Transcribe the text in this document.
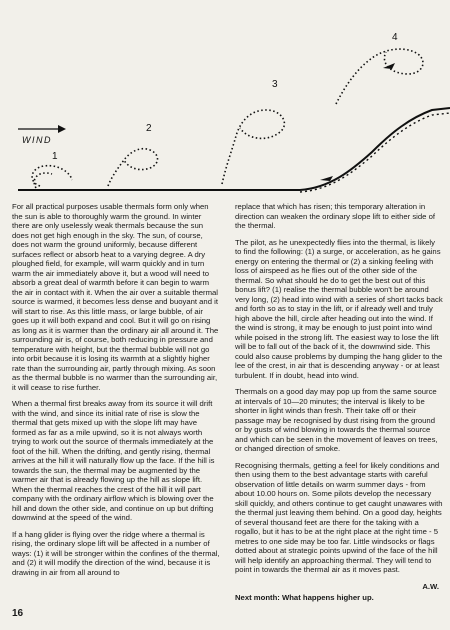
WIND
1
2
3
4

For all practical purposes usable thermals form only when the sun is able to thoroughly warm the ground. In winter there are only uselessly weak thermals because the sun does not get high enough in the sky. The sun, of course, does not warm the ground uniformly, because different surfaces reflect or absorb heat to a varying degree. A dry ploughed field, for example, will warm quickly and in turn warm the air immediately above it, but a wood will need to absorb a great deal of warmth before it can begin to warm the air in contact with it. When the air over a suitable thermal source is warmed, it becomes less dense and buoyant and it will start to rise. As this little mass, or large bubble, of air goes up it will both expand and cool. But it will go on rising as long as it is warmer than the ordinary air all around it. The surrounding air is, of course, both reducing in pressure and temperature with height, but the thermal bubble will not go into orbit because it is losing its warmth at a slightly higher rate than the surrounding air, partly through mixing. As soon as the thermal bubble is no warmer than the surrounding air, it will cease to rise further.

When a thermal first breaks away from its source it will drift with the wind, and since its initial rate of rise is slow the thermal that gets mixed up with the slope lift may have formed as far as a mile upwind, so it is not always worth trying to work out the source of thermals immediately at the foot of the hill. When the drifting, and gently rising, thermal arrives at the hill it will naturally flow up the face. If the hill is towards the sun, the thermal may be augmented by the warmer air that is already flowing up the hill as slope lift. When the thermal reaches the crest of the hill it will part company with the ordinary airflow which is blowing over the hill and down the other side, and continue on up but drifting downwind at the speed of the wind.

If a hang glider is flying over the ridge where a thermal is rising, the ordinary slope lift will be affected in a number of ways: (1) it will be stronger within the confines of the thermal, and (2) it will modify the direction of the wind, because it is drawing in air from all around to

replace that which has risen; this temporary alteration in direction can weaken the ordinary slope lift to either side of the thermal.

The pilot, as he unexpectedly flies into the thermal, is likely to find the following: (1) a surge, or acceleration, as he gains energy on entering the thermal or (2) a sinking feeling with loss of airspeed as he flies out of the other side of the thermal. So what should he do to get the best out of this bonus lift? (1) realise the thermal bubble won't be around very long, (2) head into wind with a series of short tacks back and forth so as to stay in the lift, or if already well and truly high above the hill, circle after heading out into the wind. If the wind is strong, it may be enough to just point into wind while poised in the strong lift. The easiest way to lose the lift will be to fall out of the back of it, the downwind side. This could also cause problems by dumping the hang glider to the lee of the crest, in air that is descending anyway - or at least turbulent. If in doubt, head into wind.

Thermals on a good day may pop up from the same source at intervals of 10—20 minutes; the interval is likely to be shorter in light winds than fresh. Their take off or their passage may be recognised by dust rising from the ground or by gusts of wind blowing in towards the thermal source and which can be seen in the movement of leaves on trees, or changed direction of smoke.

Recognising thermals, getting a feel for likely conditions and then using them to the best advantage starts with careful observation of little details on warm summer days - from about 10.00 hours on. Some pilots develop the necessary skill quickly, and others continue to get caught unawares with the thermal just leaving them behind. On a good day, heights of several thousand feet are there for the taking with a rogallo, but it has to be at the right place at the right time - 5 metres to one side may be too far. Little windsocks or flags dotted about at strategic points upwind of the face of the hill will help identify an approaching thermal. They will tend to point in towards the thermal air as it moves past.

A.W.
Next month: What happens higher up.
16
